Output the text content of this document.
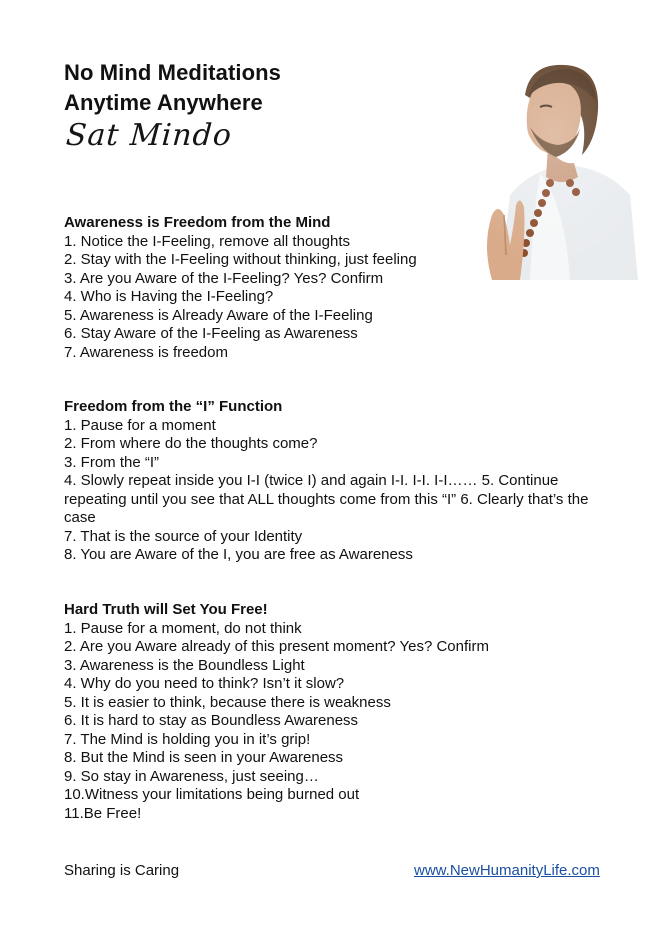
No Mind Meditations
Anytime Anywhere
Sat Mindo
Awareness is Freedom from the Mind
1. Notice the I-Feeling, remove all thoughts
2. Stay with the I-Feeling without thinking, just feeling
3. Are you Aware of the I-Feeling? Yes? Confirm
4. Who is Having the I-Feeling?
5. Awareness is Already Aware of the I-Feeling
6. Stay Aware of the I-Feeling as Awareness
7. Awareness is freedom
Freedom from the “I” Function
1. Pause for a moment
2. From where do the thoughts come?
3. From the “I”
4. Slowly repeat inside you I-I (twice I) and again I-I. I-I. I-I…… 5. Continue repeating until you see that ALL thoughts come from this “I” 6. Clearly that’s the case
7. That is the source of your Identity
8. You are Aware of the I, you are free as Awareness
Hard Truth will Set You Free!
1. Pause for a moment, do not think
2. Are you Aware already of this present moment? Yes? Confirm
3. Awareness is the Boundless Light
4. Why do you need to think? Isn’t it slow?
5. It is easier to think, because there is weakness
6. It is hard to stay as Boundless Awareness
7. The Mind is holding you in it’s grip!
8. But the Mind is seen in your Awareness
9. So stay in Awareness, just seeing…
10.Witness your limitations being burned out
11.Be Free!
Sharing is Caring	www.NewHumanityLife.com
